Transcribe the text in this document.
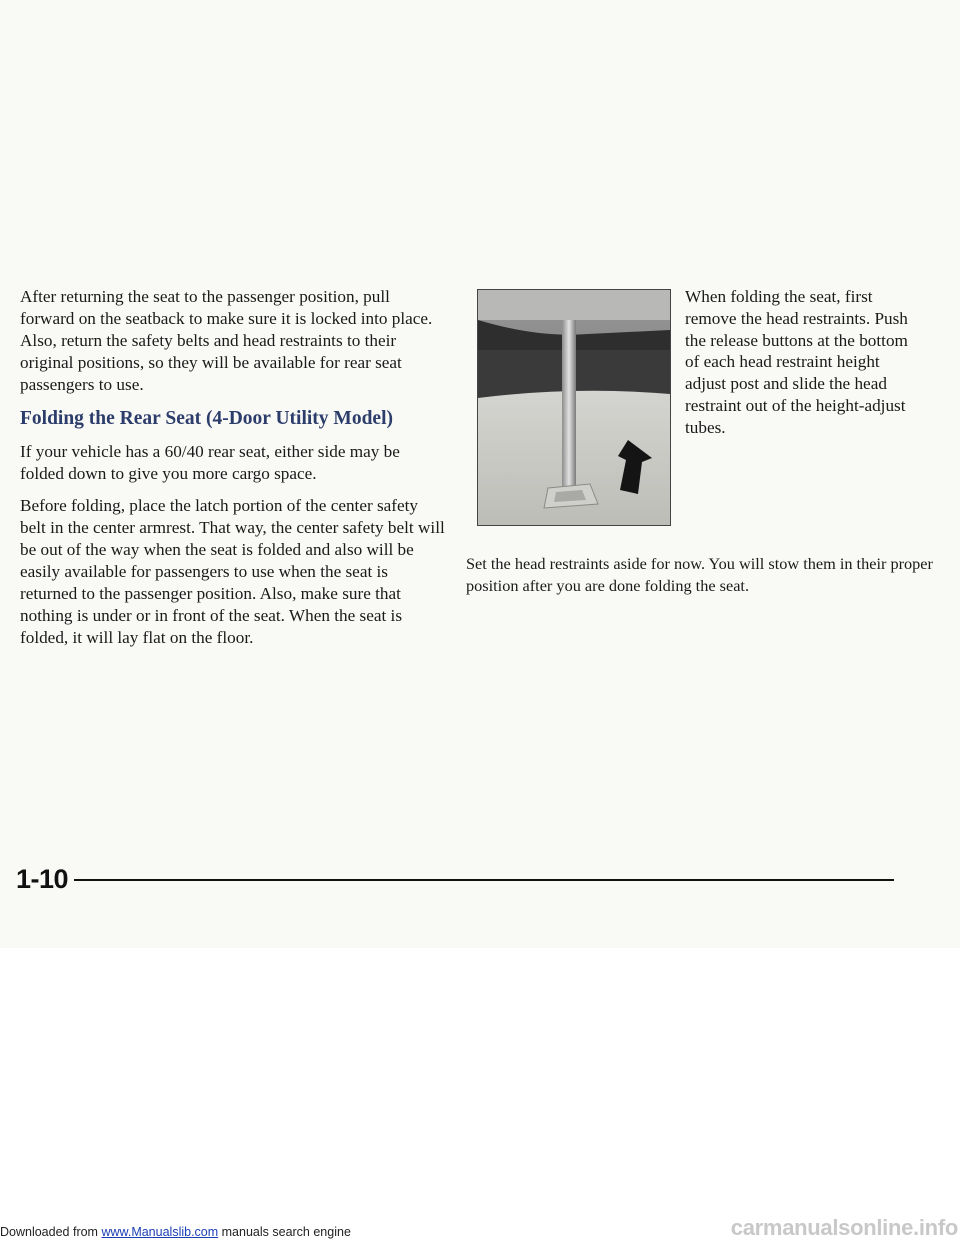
After returning the seat to the passenger position, pull forward on the seatback to make sure it is locked into place. Also, return the safety belts and head restraints to their original positions, so they will be available for rear seat passengers to use.

Folding the Rear Seat (4-Door Utility Model)

If your vehicle has a 60/40 rear seat, either side may be folded down to give you more cargo space.

Before folding, place the latch portion of the center safety belt in the center armrest. That way, the center safety belt will be out of the way when the seat is folded and also will be easily available for passengers to use when the seat is returned to the passenger position. Also, make sure that nothing is under or in front of the seat. When the seat is folded, it will lay flat on the floor.

When folding the seat, first remove the head restraints. Push the release buttons at the bottom of each head restraint height adjust post and slide the head restraint out of the height-adjust tubes.

Set the head restraints aside for now. You will stow them in their proper position after you are done folding the seat.

1-10
Downloaded from www.Manualslib.com manuals search engine	carmanualsonline.info
